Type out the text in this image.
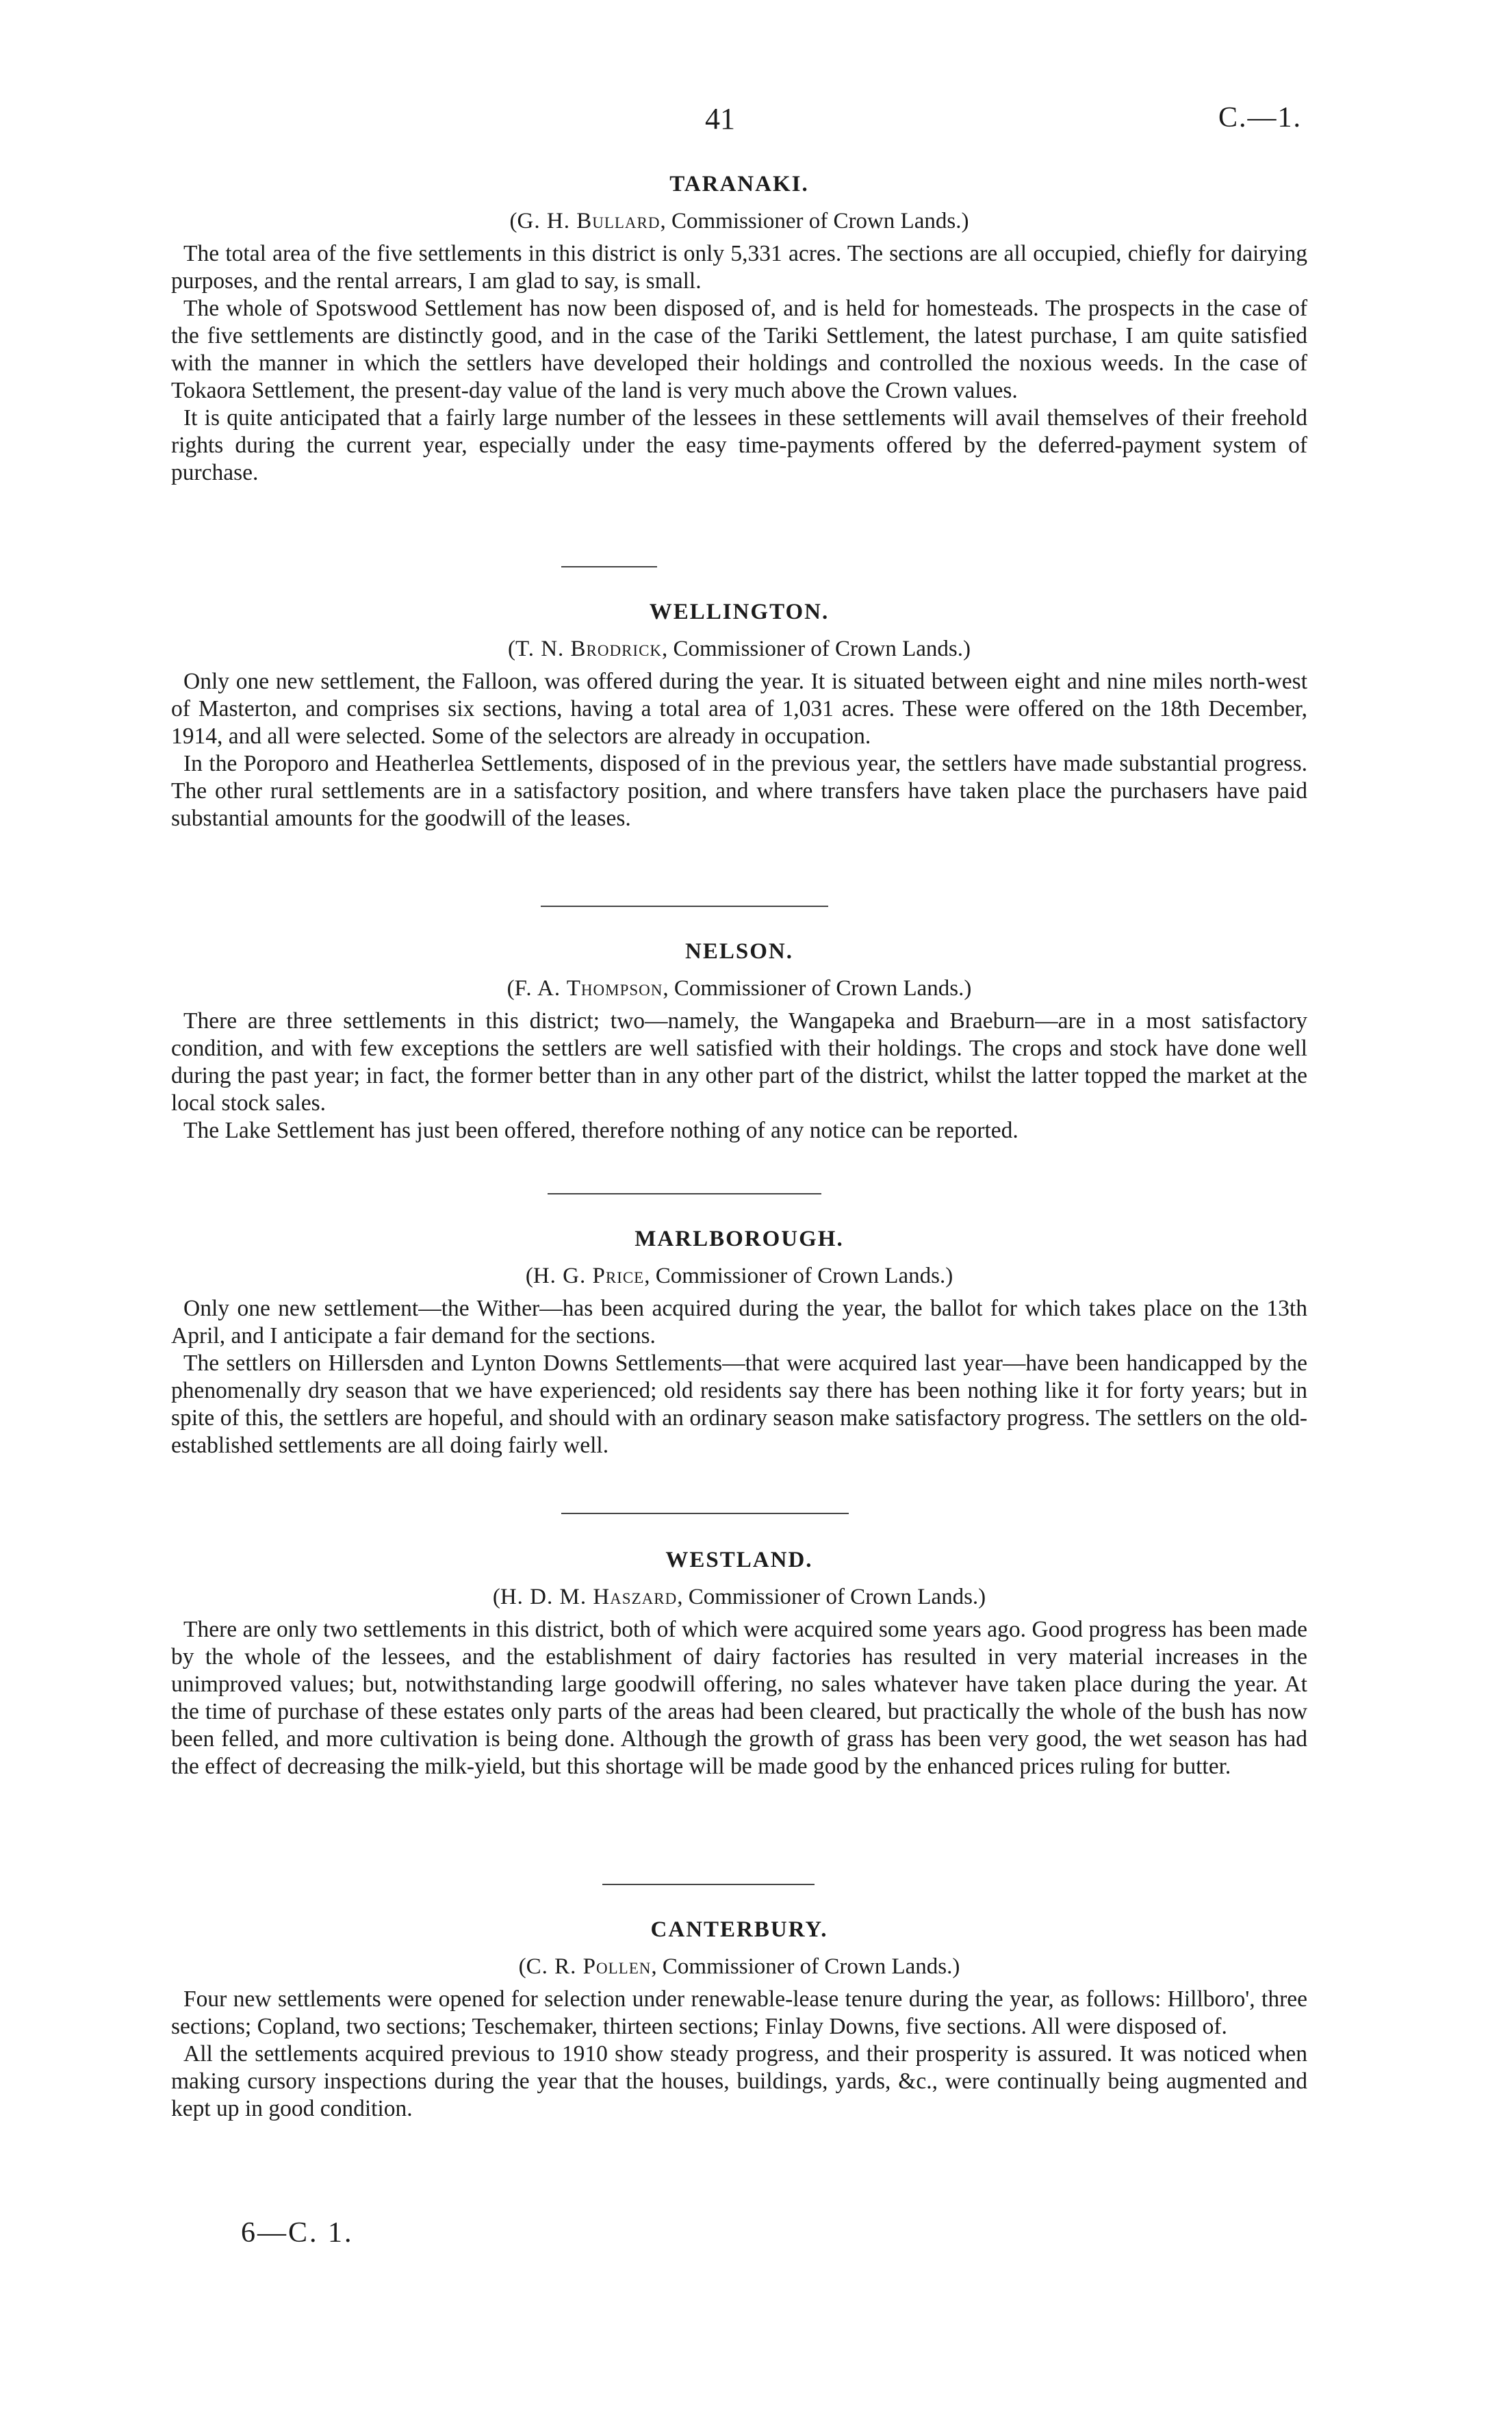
41	C.—1.
TARANAKI.

(G. H. Bullard, Commissioner of Crown Lands.)

The total area of the five settlements in this district is only 5,331 acres. The sections are all occupied, chiefly for dairying purposes, and the rental arrears, I am glad to say, is small.

The whole of Spotswood Settlement has now been disposed of, and is held for homesteads. The prospects in the case of the five settlements are distinctly good, and in the case of the Tariki Settlement, the latest purchase, I am quite satisfied with the manner in which the settlers have developed their holdings and controlled the noxious weeds. In the case of Tokaora Settlement, the present-day value of the land is very much above the Crown values.

It is quite anticipated that a fairly large number of the lessees in these settlements will avail themselves of their freehold rights during the current year, especially under the easy time-payments offered by the deferred-payment system of purchase.

WELLINGTON.

(T. N. Brodrick, Commissioner of Crown Lands.)

Only one new settlement, the Falloon, was offered during the year. It is situated between eight and nine miles north-west of Masterton, and comprises six sections, having a total area of 1,031 acres. These were offered on the 18th December, 1914, and all were selected. Some of the selectors are already in occupation.

In the Poroporo and Heatherlea Settlements, disposed of in the previous year, the settlers have made substantial progress. The other rural settlements are in a satisfactory position, and where transfers have taken place the purchasers have paid substantial amounts for the goodwill of the leases.

NELSON.

(F. A. Thompson, Commissioner of Crown Lands.)

There are three settlements in this district; two—namely, the Wangapeka and Braeburn—are in a most satisfactory condition, and with few exceptions the settlers are well satisfied with their holdings. The crops and stock have done well during the past year; in fact, the former better than in any other part of the district, whilst the latter topped the market at the local stock sales.

The Lake Settlement has just been offered, therefore nothing of any notice can be reported.

MARLBOROUGH.

(H. G. Price, Commissioner of Crown Lands.)

Only one new settlement—the Wither—has been acquired during the year, the ballot for which takes place on the 13th April, and I anticipate a fair demand for the sections.

The settlers on Hillersden and Lynton Downs Settlements—that were acquired last year—have been handicapped by the phenomenally dry season that we have experienced; old residents say there has been nothing like it for forty years; but in spite of this, the settlers are hopeful, and should with an ordinary season make satisfactory progress. The settlers on the old-established settlements are all doing fairly well.

WESTLAND.

(H. D. M. Haszard, Commissioner of Crown Lands.)

There are only two settlements in this district, both of which were acquired some years ago. Good progress has been made by the whole of the lessees, and the establishment of dairy factories has resulted in very material increases in the unimproved values; but, notwithstanding large goodwill offering, no sales whatever have taken place during the year. At the time of purchase of these estates only parts of the areas had been cleared, but practically the whole of the bush has now been felled, and more cultivation is being done. Although the growth of grass has been very good, the wet season has had the effect of decreasing the milk-yield, but this shortage will be made good by the enhanced prices ruling for butter.

CANTERBURY.

(C. R. Pollen, Commissioner of Crown Lands.)

Four new settlements were opened for selection under renewable-lease tenure during the year, as follows: Hillboro', three sections; Copland, two sections; Teschemaker, thirteen sections; Finlay Downs, five sections. All were disposed of.

All the settlements acquired previous to 1910 show steady progress, and their prosperity is assured. It was noticed when making cursory inspections during the year that the houses, buildings, yards, &c., were continually being augmented and kept up in good condition.

6—C. 1.
